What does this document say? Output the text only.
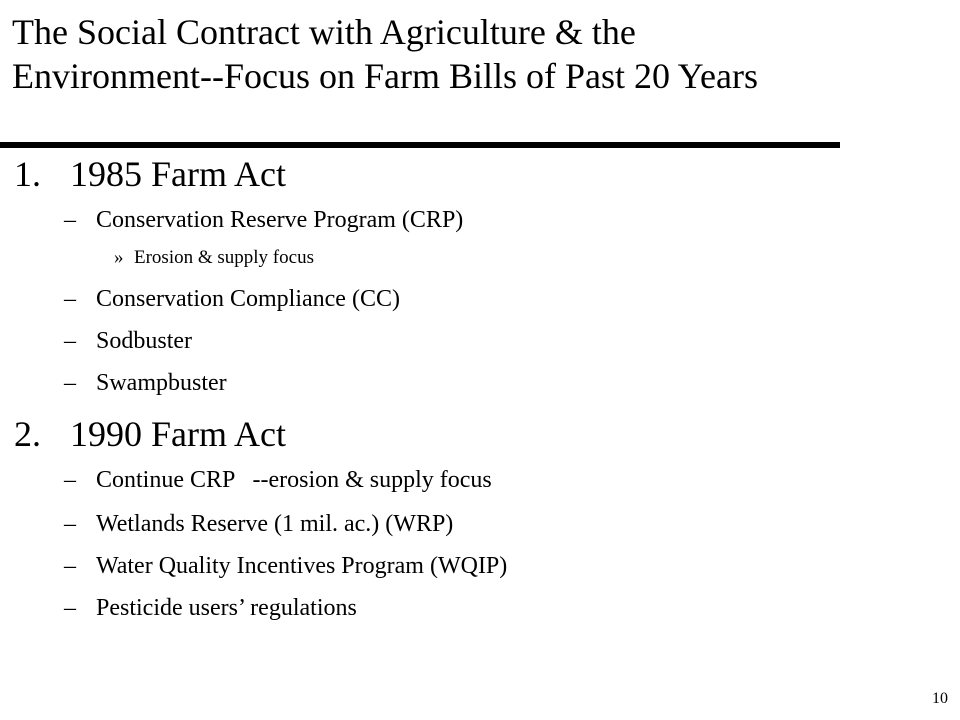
The Social Contract with Agriculture & the
Environment--Focus on Farm Bills of Past 20 Years
1. 1985 Farm Act
– Conservation Reserve Program (CRP)
» Erosion & supply focus
– Conservation Compliance (CC)
– Sodbuster
– Swampbuster
2. 1990 Farm Act
– Continue CRP   --erosion & supply focus
– Wetlands Reserve (1 mil. ac.) (WRP)
– Water Quality Incentives Program (WQIP)
– Pesticide users’ regulations
10
